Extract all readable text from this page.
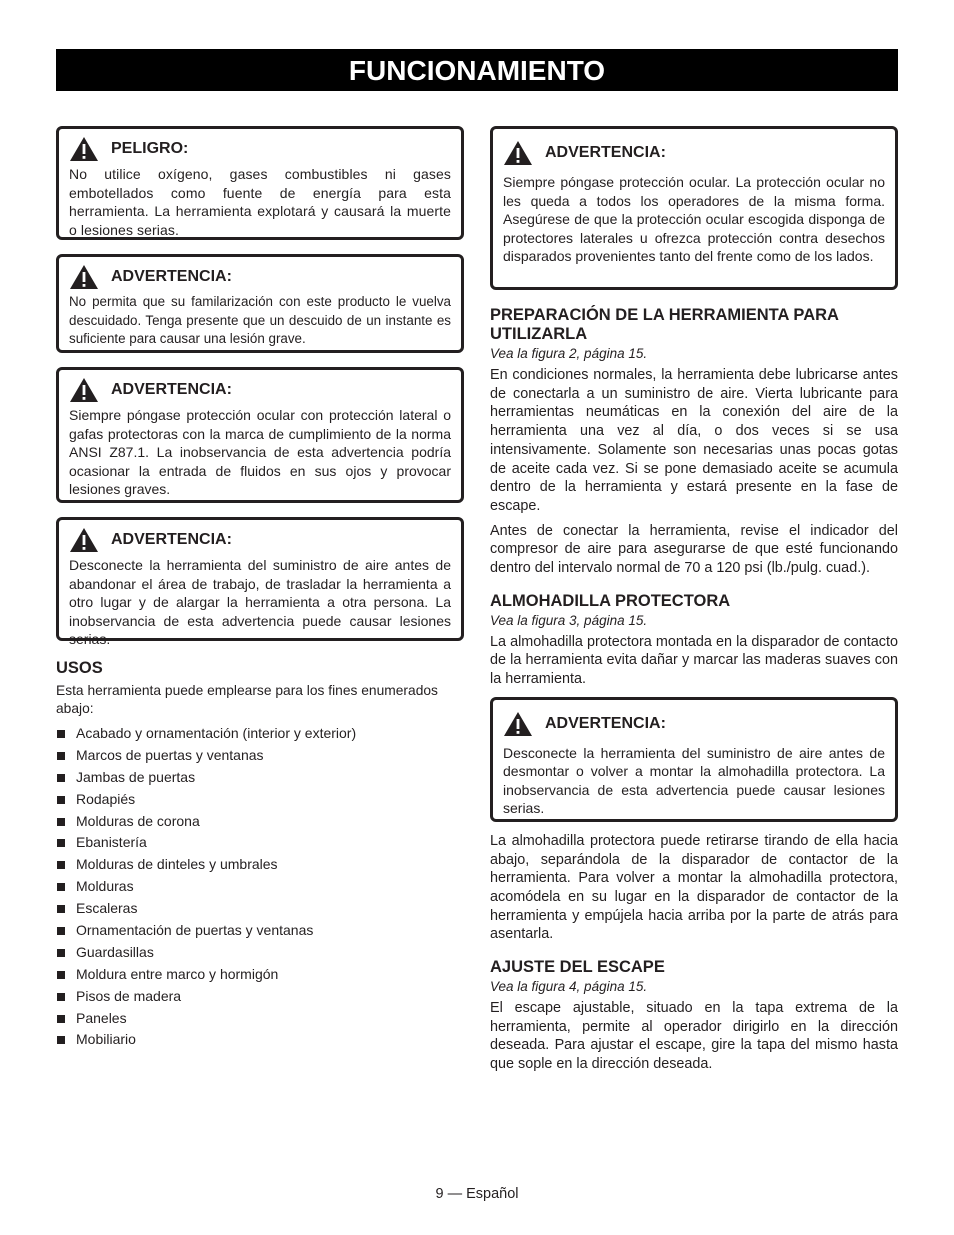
FUNCIONAMIENTO
PELIGRO:
No utilice oxígeno, gases combustibles ni gases embotellados como fuente de energía para esta herramienta. La herramienta explotará y causará la muerte o lesiones serias.
ADVERTENCIA:
No permita que su familarización con este producto le vuelva descuidado. Tenga presente que un descuido de un instante es suficiente para causar una lesión grave.
ADVERTENCIA:
Siempre póngase protección ocular con protección lateral o gafas protectoras con la marca de cumplimiento de la norma ANSI Z87.1. La inobservancia de esta advertencia podría ocasionar la entrada de fluidos en sus ojos y provocar lesiones graves.
ADVERTENCIA:
Desconecte la herramienta del suministro de aire antes de abandonar el área de trabajo, de trasladar la herramienta a otro lugar y de alargar la herramienta a otra persona. La inobservancia de esta advertencia puede causar lesiones serias.
USOS
Esta herramienta puede emplearse para los fines enumerados abajo:
Acabado y ornamentación (interior y exterior)
Marcos de puertas y ventanas
Jambas de puertas
Rodapiés
Molduras de corona
Ebanistería
Molduras de dinteles y umbrales
Molduras
Escaleras
Ornamentación de puertas y ventanas
Guardasillas
Moldura entre marco y hormigón
Pisos de madera
Paneles
Mobiliario
ADVERTENCIA:
Siempre póngase protección ocular. La protección ocular no les queda a todos los operadores de la misma forma. Asegúrese de que la protección ocular escogida disponga de protectores laterales u ofrezca protección contra desechos disparados provenientes tanto del frente como de los lados.
PREPARACIÓN DE LA HERRAMIENTA PARA UTILIZARLA
Vea la figura 2, página 15.

En condiciones normales, la herramienta debe lubricarse antes de conectarla a un suministro de aire. Vierta lubricante para herramientas neumáticas en la conexión del aire de la herramienta una vez al día, o dos veces si se usa intensivamente. Solamente son necesarias unas pocas gotas de aceite cada vez. Si se pone demasiado aceite se acumula dentro de la herramienta y estará presente en la fase de escape.

Antes de conectar la herramienta, revise el indicador del compresor de aire para asegurarse de que esté funcionando dentro del intervalo normal de 70 a 120 psi (lb./pulg. cuad.).

ALMOHADILLA PROTECTORA
Vea la figura 3, página 15.

La almohadilla protectora montada en la disparador de contacto de la herramienta evita dañar y marcar las maderas suaves con la herramienta.

ADVERTENCIA:
Desconecte la herramienta del suministro de aire antes de desmontar o volver a montar la almohadilla protectora. La inobservancia de esta advertencia puede causar lesiones serias.

La almohadilla protectora puede retirarse tirando de ella hacia abajo, separándola de la disparador de contactor de la herramienta. Para volver a montar la almohadilla protectora, acomódela en su lugar en la disparador de contactor de la herramienta y empújela hacia arriba por la parte de atrás para asentarla.

AJUSTE DEL ESCAPE
Vea la figura 4, página 15.

El escape ajustable, situado en la tapa extrema de la herramienta, permite al operador dirigirlo en la dirección deseada. Para ajustar el escape, gire la tapa del mismo hasta que sople en la dirección deseada.

9 — Español
